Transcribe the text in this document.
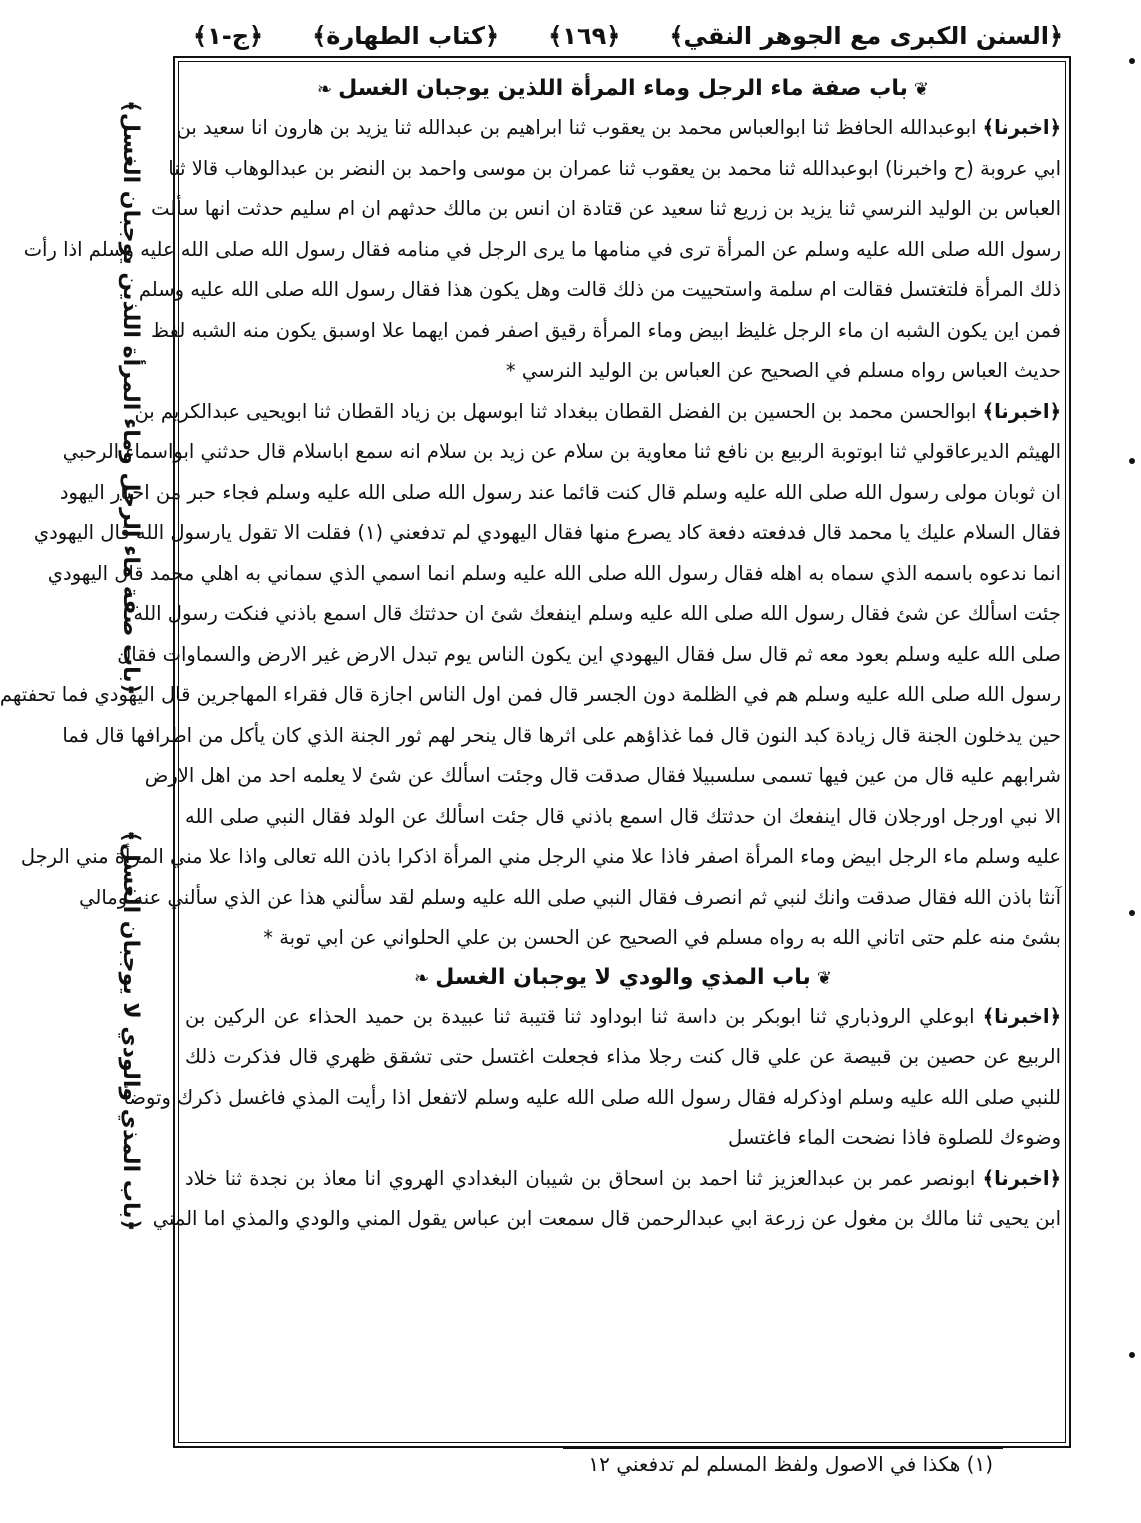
﴿السنن الكبرى مع الجوهر النقي﴾
﴿١٦٩﴾
﴿كتاب الطهارة﴾
﴿ج-١﴾
❦باب صفة ماء الرجل وماء المرأة اللذين يوجبان الغسل❧
﴿اخبرنا﴾ ابوعبدالله الحافظ ثنا ابوالعباس محمد بن يعقوب ثنا ابراهيم بن عبدالله ثنا يزيد بن هارون انا سعيد بن
ابي عروبة (ح واخبرنا) ابوعبدالله ثنا محمد بن يعقوب ثنا عمران بن موسى واحمد بن النضر بن عبدالوهاب قالا ثنا
العباس بن الوليد النرسي ثنا يزيد بن زريع ثنا سعيد عن قتادة ان انس بن مالك حدثهم ان ام سليم حدثت انها سألت
رسول الله صلى الله عليه وسلم عن المرأة ترى في منامها ما يرى الرجل في منامه فقال رسول الله صلى الله عليه وسلم اذا رأت
ذلك المرأة فلتغتسل فقالت ام سلمة واستحييت من ذلك قالت وهل يكون هذا فقال رسول الله صلى الله عليه وسلم
فمن اين يكون الشبه ان ماء الرجل غليظ ابيض وماء المرأة رقيق اصفر فمن ايهما علا اوسبق يكون منه الشبه لفظ
حديث العباس رواه مسلم في الصحيح عن العباس بن الوليد النرسي *
﴿اخبرنا﴾ ابوالحسن محمد بن الحسين بن الفضل القطان ببغداد ثنا ابوسهل بن زياد القطان ثنا ابويحيى عبدالكريم بن
الهيثم الديرعاقولي ثنا ابوتوبة الربيع بن نافع ثنا معاوية بن سلام عن زيد بن سلام انه سمع اباسلام قال حدثني ابواسماء الرحبي
ان ثوبان مولى رسول الله صلى الله عليه وسلم قال كنت قائما عند رسول الله صلى الله عليه وسلم فجاء حبر من احبار اليهود
فقال السلام عليك يا محمد قال فدفعته دفعة كاد يصرع منها فقال اليهودي لم تدفعني (١) فقلت الا تقول يارسول الله قال اليهودي
انما ندعوه باسمه الذي سماه به اهله فقال رسول الله صلى الله عليه وسلم انما اسمي الذي سماني به اهلي محمد قال اليهودي
جئت اسألك عن شئ فقال رسول الله صلى الله عليه وسلم اينفعك شئ ان حدثتك قال اسمع باذني فنكت رسول الله
صلى الله عليه وسلم بعود معه ثم قال سل فقال اليهودي اين يكون الناس يوم تبدل الارض غير الارض والسماوات فقال
رسول الله صلى الله عليه وسلم هم في الظلمة دون الجسر قال فمن اول الناس اجازة قال فقراء المهاجرين قال اليهودي فما تحفتهم
حين يدخلون الجنة قال زيادة كبد النون قال فما غذاؤهم على اثرها قال ينحر لهم ثور الجنة الذي كان يأكل من اطرافها قال فما
شرابهم عليه قال من عين فيها تسمى سلسبيلا فقال صدقت قال وجئت اسألك عن شئ لا يعلمه احد من اهل الارض
الا نبي اورجل اورجلان قال اينفعك ان حدثتك قال اسمع باذني قال جئت اسألك عن الولد فقال النبي صلى الله
عليه وسلم ماء الرجل ابيض وماء المرأة اصفر فاذا علا مني الرجل مني المرأة اذكرا باذن الله تعالى واذا علا مني المرأة مني الرجل
آنثا باذن الله فقال صدقت وانك لنبي ثم انصرف فقال النبي صلى الله عليه وسلم لقد سألني هذا عن الذي سألني عنه ومالي
بشئ منه علم حتى اتاني الله به رواه مسلم في الصحيح عن الحسن بن علي الحلواني عن ابي توبة *
❦باب المذي والودي لا يوجبان الغسل❧
﴿اخبرنا﴾ ابوعلي الروذباري ثنا ابوبكر بن داسة ثنا ابوداود ثنا قتيبة ثنا عبيدة بن حميد الحذاء عن الركين بن
الربيع عن حصين بن قبيصة عن علي قال كنت رجلا مذاء فجعلت اغتسل حتى تشقق ظهري قال فذكرت ذلك
للنبي صلى الله عليه وسلم اوذكرله فقال رسول الله صلى الله عليه وسلم لاتفعل اذا رأيت المذي فاغسل ذكرك وتوضأ
وضوءك للصلوة فاذا نضحت الماء فاغتسل
﴿اخبرنا﴾ ابونصر عمر بن عبدالعزيز ثنا احمد بن اسحاق بن شيبان البغدادي الهروي انا معاذ بن نجدة ثنا خلاد
ابن يحيى ثنا مالك بن مغول عن زرعة ابي عبدالرحمن قال سمعت ابن عباس يقول المني والودي والمذي اما المني
﴿باب صفة ماء الرجل وماء المرأة اللذين يوجبان الغسل﴾
﴿باب المذي والودي لا يوجبان الغسل﴾
(١) هكذا في الاصول ولفظ المسلم لم تدفعني ١٢
